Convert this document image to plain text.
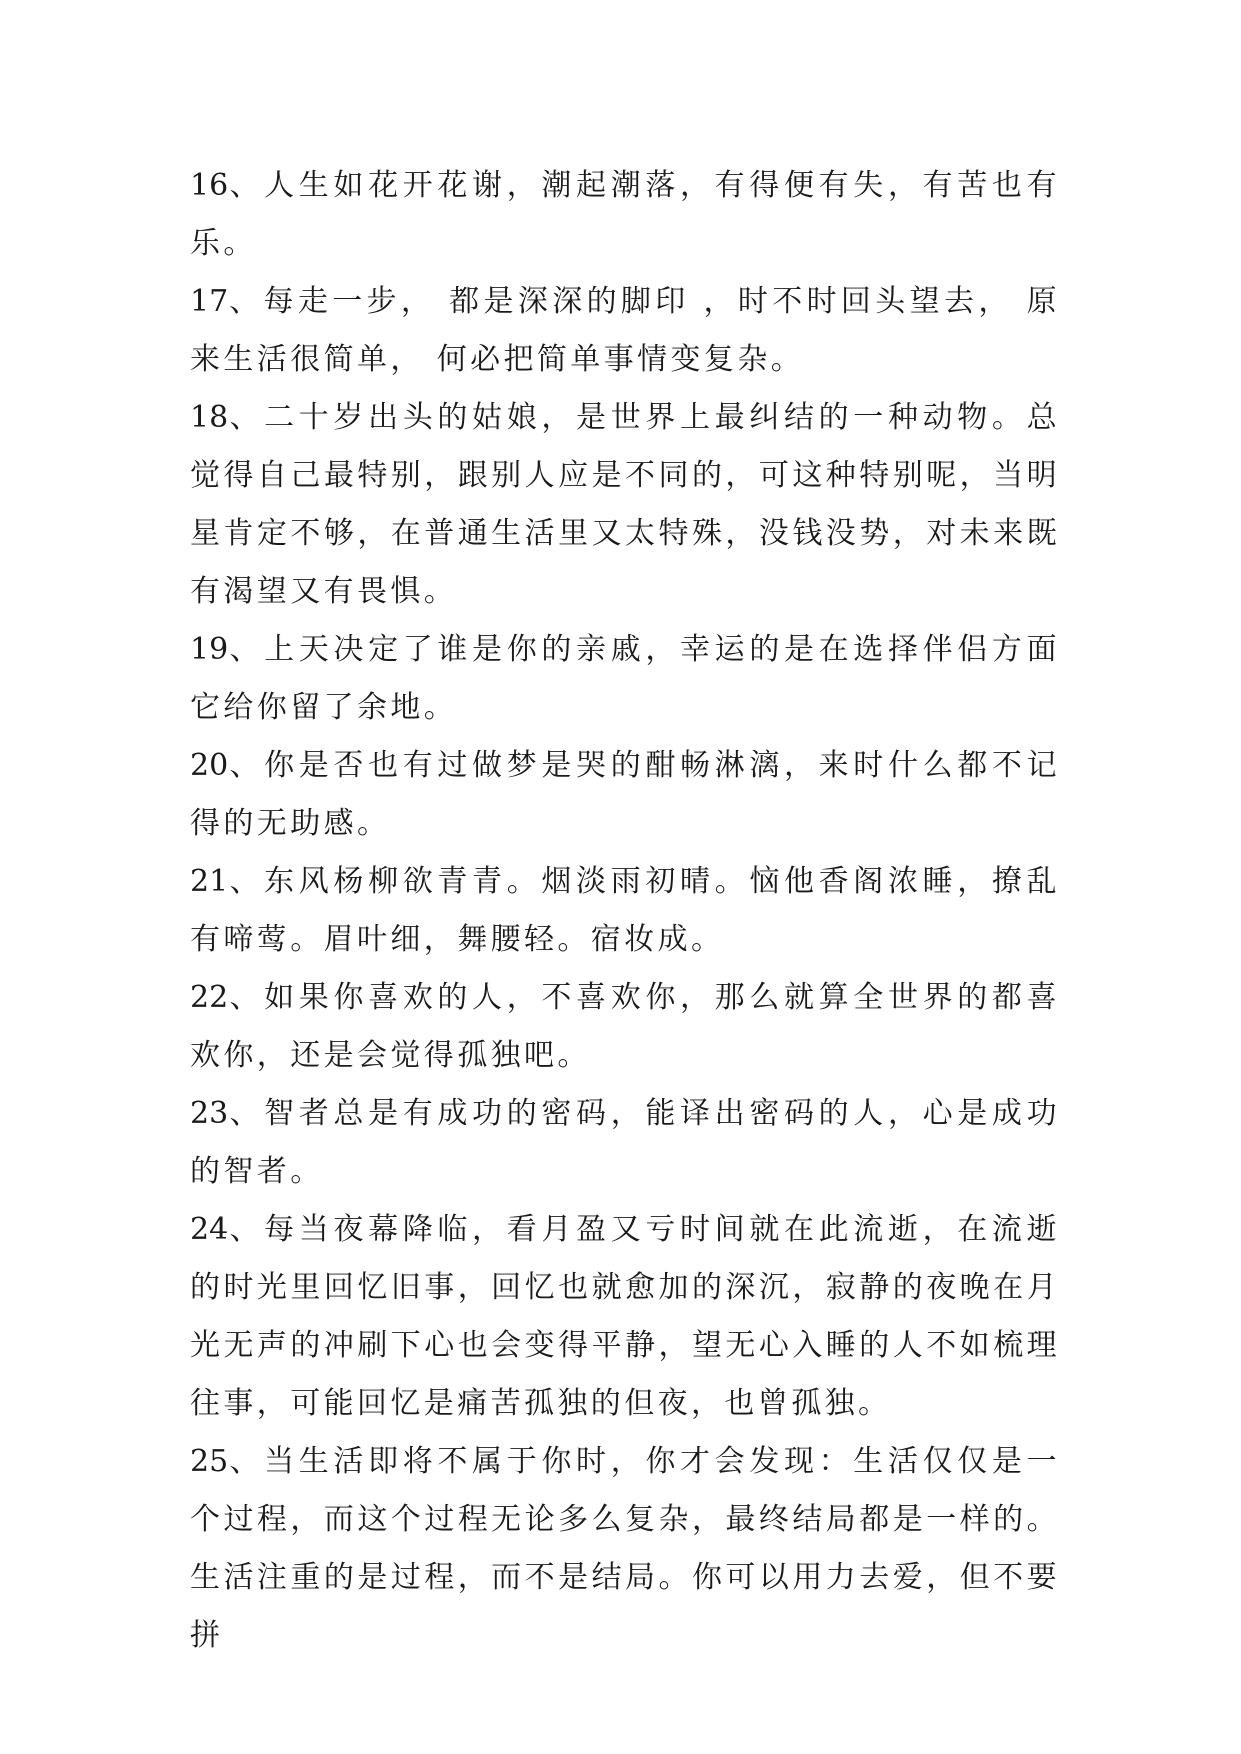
16、人生如花开花谢，潮起潮落，有得便有失，有苦也有乐。

17、每走一步， 都是深深的脚印 ，时不时回头望去， 原来生活很简单， 何必把简单事情变复杂。

18、二十岁出头的姑娘，是世界上最纠结的一种动物。总觉得自己最特别，跟别人应是不同的，可这种特别呢，当明星肯定不够，在普通生活里又太特殊，没钱没势，对未来既有渴望又有畏惧。

19、上天决定了谁是你的亲戚，幸运的是在选择伴侣方面它给你留了余地。

20、你是否也有过做梦是哭的酣畅淋漓，来时什么都不记得的无助感。

21、东风杨柳欲青青。烟淡雨初晴。恼他香阁浓睡，撩乱有啼莺。眉叶细，舞腰轻。宿妆成。

22、如果你喜欢的人，不喜欢你，那么就算全世界的都喜欢你，还是会觉得孤独吧。

23、智者总是有成功的密码，能译出密码的人，心是成功的智者。

24、每当夜幕降临，看月盈又亏时间就在此流逝，在流逝的时光里回忆旧事，回忆也就愈加的深沉，寂静的夜晚在月光无声的冲刷下心也会变得平静，望无心入睡的人不如梳理往事，可能回忆是痛苦孤独的但夜，也曾孤独。

25、当生活即将不属于你时，你才会发现：生活仅仅是一个过程，而这个过程无论多么复杂，最终结局都是一样的。生活注重的是过程，而不是结局。你可以用力去爱，但不要拼
